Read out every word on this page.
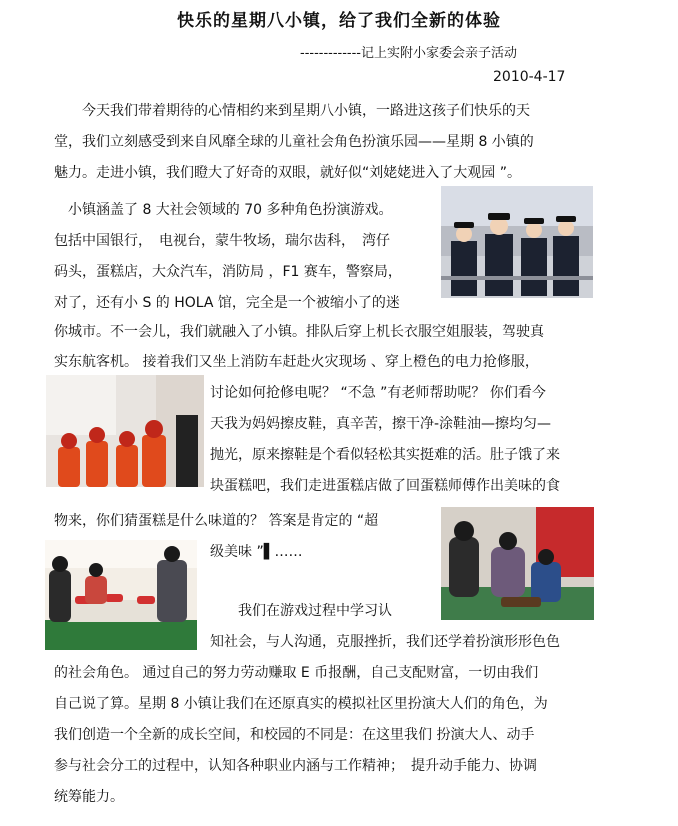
快乐的星期八小镇，给了我们全新的体验
-------------记上实附小家委会亲子活动
2010-4-17
　　今天我们带着期待的心情相约来到星期八小镇，一路进这孩子们快乐的天
堂，我们立刻感受到来自风靡全球的儿童社会角色扮演乐园——星期 8 小镇的
魅力。走进小镇，我们瞪大了好奇的双眼，就好似“刘姥姥进入了大观园 ”。
　小镇涵盖了 8 大社会领域的 70 多种角色扮演游戏。
包括中国银行，　电视台，蒙牛牧场，瑞尔齿科，　湾仔
码头，蛋糕店，大众汽车，消防局 ，F1 赛车，警察局，
对了，还有小 S 的 HOLA 馆，完全是一个被缩小了的迷
你城市。不一会儿，我们就融入了小镇。排队后穿上机长衣服空姐服装，驾驶真
实东航客机。 接着我们又坐上消防车赶赴火灾现场 、穿上橙色的电力抢修服，
讨论如何抢修电呢？ “不急 ”有老师帮助呢？ 你们看今
天我为妈妈擦皮鞋，真辛苦，擦干净-涂鞋油—擦均匀—
抛光，原来擦鞋是个看似轻松其实挺难的活。肚子饿了来
块蛋糕吧，我们走进蛋糕店做了回蛋糕师傅作出美味的食
物来，你们猜蛋糕是什么味道的？ 答案是肯定的 “超
级美味 ”▌……
　　我们在游戏过程中学习认
知社会，与人沟通，克服挫折，我们还学着扮演形形色色
的社会角色。 通过自己的努力劳动赚取 E 币报酬，自己支配财富，一切由我们
自己说了算。星期 8 小镇让我们在还原真实的模拟社区里扮演大人们的角色，为
我们创造一个全新的成长空间，和校园的不同是：在这里我们 扮演大人、动手
参与社会分工的过程中，认知各种职业内涵与工作精神；　提升动手能力、协调
统筹能力。
